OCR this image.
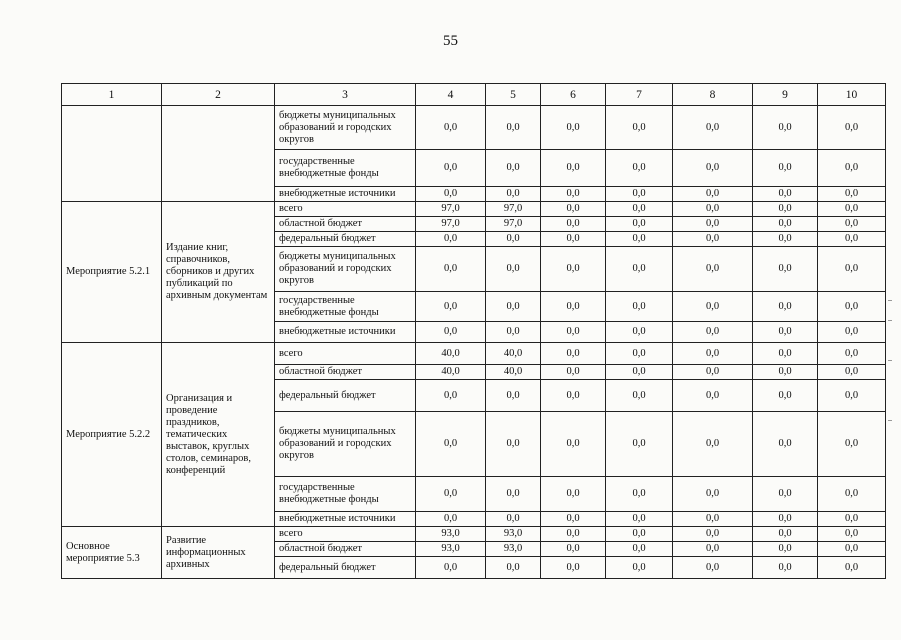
55
1	2	3	4	5	6	7	8	9	10
		бюджеты муниципальных образований и городских округов	0,0	0,0	0,0	0,0	0,0	0,0	0,0
		государственные внебюджетные фонды	0,0	0,0	0,0	0,0	0,0	0,0	0,0
		внебюджетные источники	0,0	0,0	0,0	0,0	0,0	0,0	0,0
Мероприятие 5.2.1	Издание книг, справочников, сборников и других публикаций по архивным документам	всего	97,0	97,0	0,0	0,0	0,0	0,0	0,0
		областной бюджет	97,0	97,0	0,0	0,0	0,0	0,0	0,0
		федеральный бюджет	0,0	0,0	0,0	0,0	0,0	0,0	0,0
		бюджеты муниципальных образований и городских округов	0,0	0,0	0,0	0,0	0,0	0,0	0,0
		государственные внебюджетные фонды	0,0	0,0	0,0	0,0	0,0	0,0	0,0
		внебюджетные источники	0,0	0,0	0,0	0,0	0,0	0,0	0,0
Мероприятие 5.2.2	Организация и проведение праздников, тематических выставок, круглых столов, семинаров, конференций	всего	40,0	40,0	0,0	0,0	0,0	0,0	0,0
		областной бюджет	40,0	40,0	0,0	0,0	0,0	0,0	0,0
		федеральный бюджет	0,0	0,0	0,0	0,0	0,0	0,0	0,0
		бюджеты муниципальных образований и городских округов	0,0	0,0	0,0	0,0	0,0	0,0	0,0
		государственные внебюджетные фонды	0,0	0,0	0,0	0,0	0,0	0,0	0,0
		внебюджетные источники	0,0	0,0	0,0	0,0	0,0	0,0	0,0
Основное мероприятие 5.3	Развитие информационных архивных	всего	93,0	93,0	0,0	0,0	0,0	0,0	0,0
		областной бюджет	93,0	93,0	0,0	0,0	0,0	0,0	0,0
		федеральный бюджет	0,0	0,0	0,0	0,0	0,0	0,0	0,0
